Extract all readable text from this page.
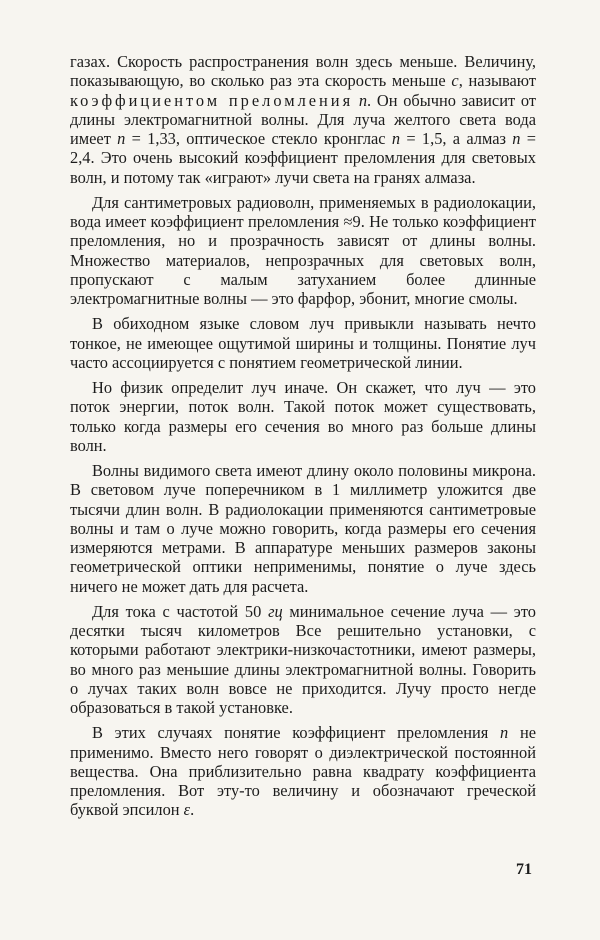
газах. Скорость распространения волн здесь меньше. Величину, показывающую, во сколько раз эта скорость меньше c, называют коэффициентом преломления n. Он обычно зависит от длины электромагнитной волны. Для луча желтого света вода имеет n = 1,33, оптическое стекло кронглас n = 1,5, а алмаз n = 2,4. Это очень высокий коэффициент преломления для световых волн, и потому так «играют» лучи света на гранях алмаза.

Для сантиметровых радиоволн, применяемых в радиолокации, вода имеет коэффициент преломления ≈9. Не только коэффициент преломления, но и прозрачность зависят от длины волны. Множество материалов, непрозрачных для световых волн, пропускают с малым затуханием более длинные электромагнитные волны — это фарфор, эбонит, многие смолы.

В обиходном языке словом луч привыкли называть нечто тонкое, не имеющее ощутимой ширины и толщины. Понятие луч часто ассоциируется с понятием геометрической линии.

Но физик определит луч иначе. Он скажет, что луч — это поток энергии, поток волн. Такой поток может существовать, только когда размеры его сечения во много раз больше длины волн.

Волны видимого света имеют длину около половины микрона. В световом луче поперечником в 1 миллиметр уложится две тысячи длин волн. В радиолокации применяются сантиметровые волны и там о луче можно говорить, когда размеры его сечения измеряются метрами. В аппаратуре меньших размеров законы геометрической оптики неприменимы, понятие о луче здесь ничего не может дать для расчета.

Для тока с частотой 50 гц минимальное сечение луча — это десятки тысяч километров Все решительно установки, с которыми работают электрики-низкочастотники, имеют размеры, во много раз меньшие длины электромагнитной волны. Говорить о лучах таких волн вовсе не приходится. Лучу просто негде образоваться в такой установке.

В этих случаях понятие коэффициент преломления n не применимо. Вместо него говорят о диэлектрической постоянной вещества. Она приблизительно равна квадрату коэффициента преломления. Вот эту-то величину и обозначают греческой буквой эпсилон ε.

71
